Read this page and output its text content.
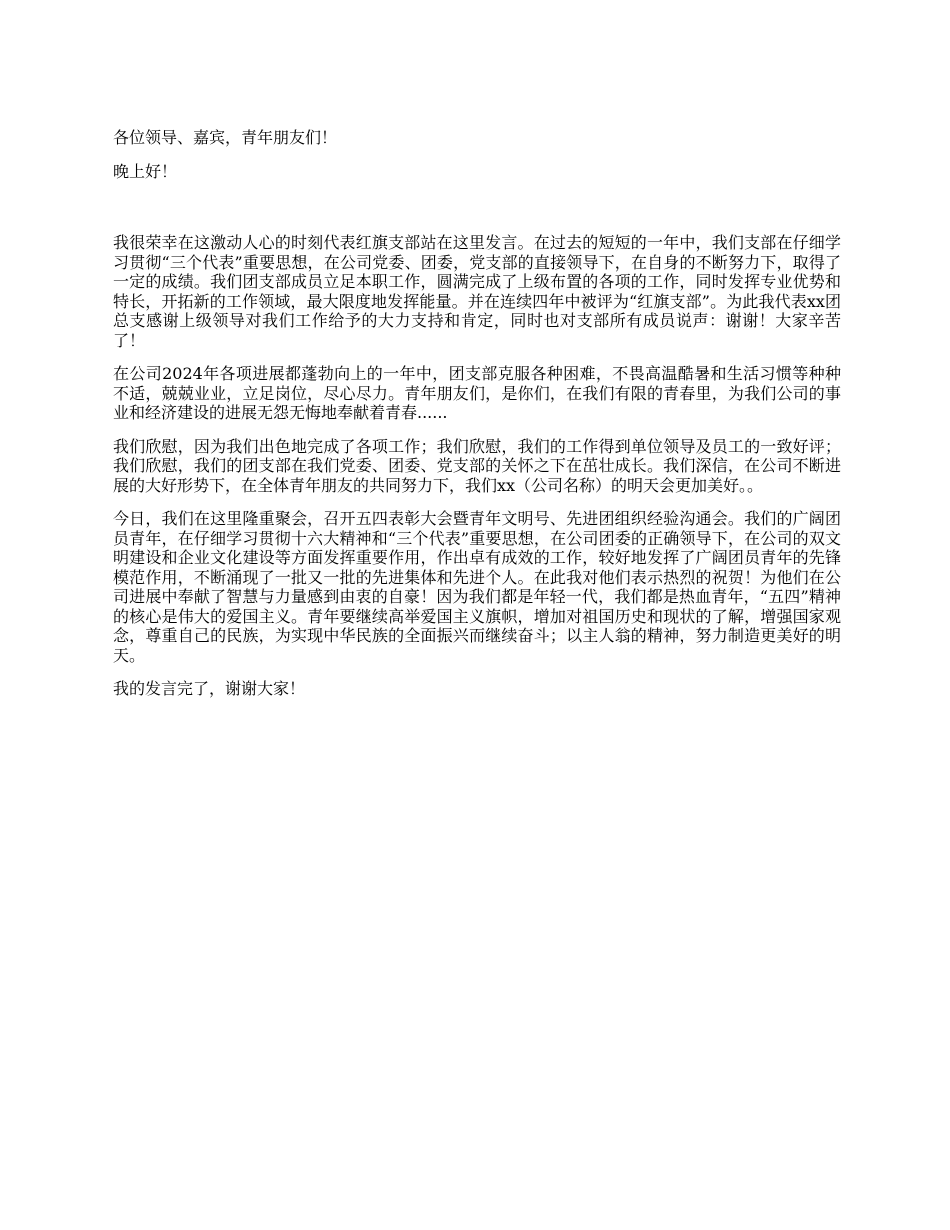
各位领导、嘉宾，青年朋友们！

晚上好！

我很荣幸在这激动人心的时刻代表红旗支部站在这里发言。在过去的短短的一年中，我们支部在仔细学习贯彻“三个代表”重要思想，在公司党委、团委，党支部的直接领导下，在自身的不断努力下，取得了一定的成绩。我们团支部成员立足本职工作，圆满完成了上级布置的各项的工作，同时发挥专业优势和特长，开拓新的工作领域，最大限度地发挥能量。并在连续四年中被评为“红旗支部”。为此我代表xx团总支感谢上级领导对我们工作给予的大力支持和肯定，同时也对支部所有成员说声：谢谢！大家辛苦了！

在公司2024年各项进展都蓬勃向上的一年中，团支部克服各种困难，不畏高温酷暑和生活习惯等种种不适，兢兢业业，立足岗位，尽心尽力。青年朋友们，是你们，在我们有限的青春里，为我们公司的事业和经济建设的进展无怨无悔地奉献着青春......

我们欣慰，因为我们出色地完成了各项工作；我们欣慰，我们的工作得到单位领导及员工的一致好评；我们欣慰，我们的团支部在我们党委、团委、党支部的关怀之下在茁壮成长。我们深信，在公司不断进展的大好形势下，在全体青年朋友的共同努力下，我们xx（公司名称）的明天会更加美好。。

今日，我们在这里隆重聚会，召开五四表彰大会暨青年文明号、先进团组织经验沟通会。我们的广阔团员青年，在仔细学习贯彻十六大精神和“三个代表”重要思想，在公司团委的正确领导下，在公司的双文明建设和企业文化建设等方面发挥重要作用，作出卓有成效的工作，较好地发挥了广阔团员青年的先锋模范作用，不断涌现了一批又一批的先进集体和先进个人。在此我对他们表示热烈的祝贺！为他们在公司进展中奉献了智慧与力量感到由衷的自豪！因为我们都是年轻一代，我们都是热血青年，“五四”精神的核心是伟大的爱国主义。青年要继续高举爱国主义旗帜，增加对祖国历史和现状的了解，增强国家观念，尊重自己的民族，为实现中华民族的全面振兴而继续奋斗；以主人翁的精神，努力制造更美好的明天。

我的发言完了，谢谢大家！
